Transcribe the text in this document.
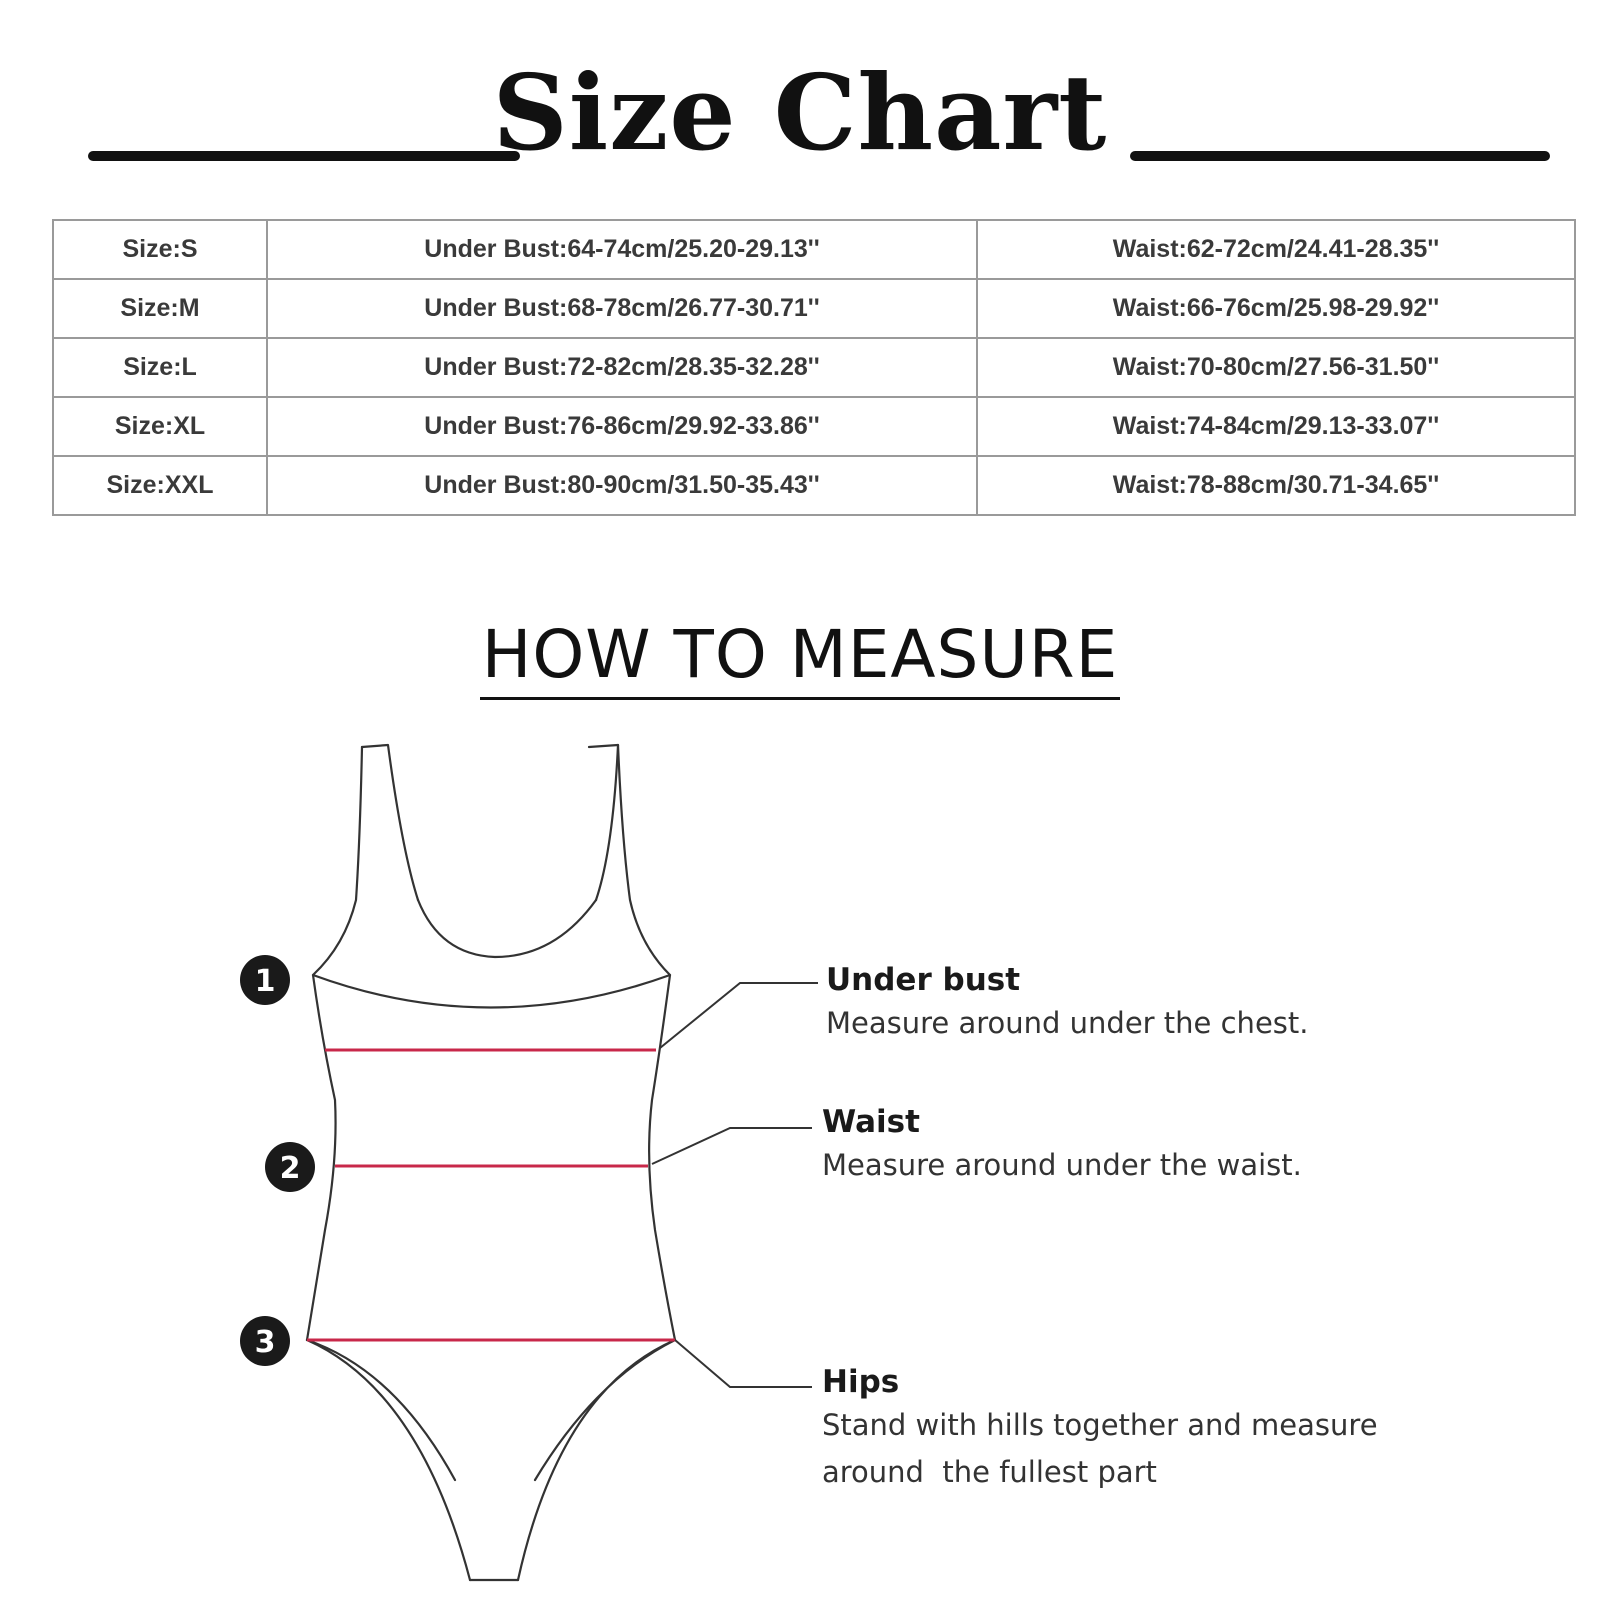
Size Chart
Size:S	Under Bust:64-74cm/25.20-29.13''	Waist:62-72cm/24.41-28.35''
Size:M	Under Bust:68-78cm/26.77-30.71''	Waist:66-76cm/25.98-29.92''
Size:L	Under Bust:72-82cm/28.35-32.28''	Waist:70-80cm/27.56-31.50''
Size:XL	Under Bust:76-86cm/29.92-33.86''	Waist:74-84cm/29.13-33.07''
Size:XXL	Under Bust:80-90cm/31.50-35.43''	Waist:78-88cm/30.71-34.65''
HOW TO MEASURE
1
2
3
Under bust
Measure around under the chest.
Waist
Measure around under the waist.
Hips
Stand with hills together and measure
around  the fullest part
